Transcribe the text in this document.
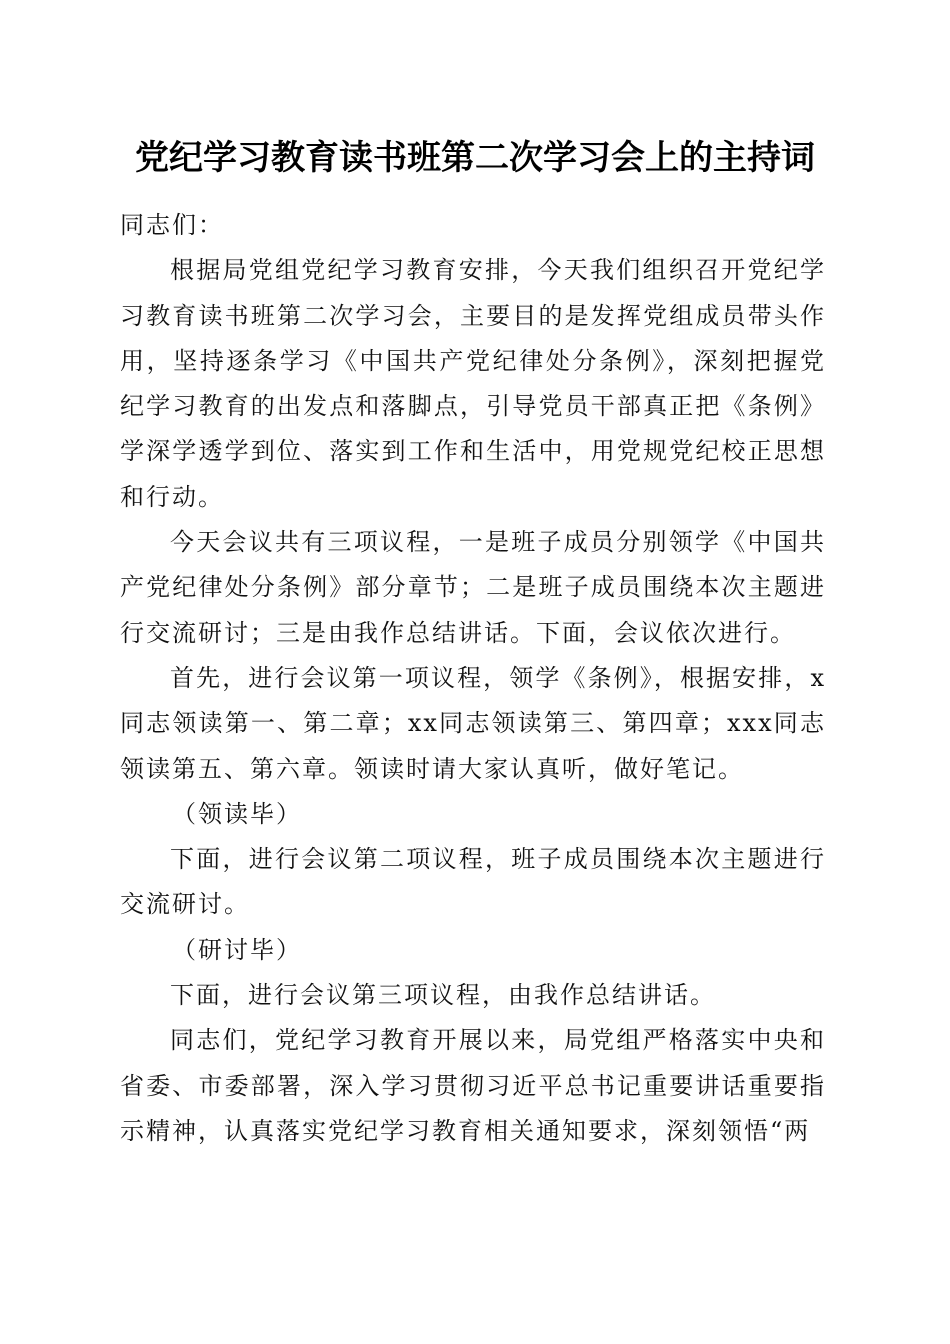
党纪学习教育读书班第二次学习会上的主持词

同志们：

根据局党组党纪学习教育安排，今天我们组织召开党纪学习教育读书班第二次学习会，主要目的是发挥党组成员带头作用，坚持逐条学习《中国共产党纪律处分条例》，深刻把握党纪学习教育的出发点和落脚点，引导党员干部真正把《条例》学深学透学到位、落实到工作和生活中，用党规党纪校正思想和行动。

今天会议共有三项议程，一是班子成员分别领学《中国共产党纪律处分条例》部分章节；二是班子成员围绕本次主题进行交流研讨；三是由我作总结讲话。下面，会议依次进行。

首先，进行会议第一项议程，领学《条例》，根据安排，x同志领读第一、第二章；xx同志领读第三、第四章；xxx同志领读第五、第六章。领读时请大家认真听，做好笔记。

（领读毕）

下面，进行会议第二项议程，班子成员围绕本次主题进行交流研讨。

（研讨毕）

下面，进行会议第三项议程，由我作总结讲话。

同志们，党纪学习教育开展以来，局党组严格落实中央和省委、市委部署，深入学习贯彻习近平总书记重要讲话重要指示精神，认真落实党纪学习教育相关通知要求，深刻领悟“两
